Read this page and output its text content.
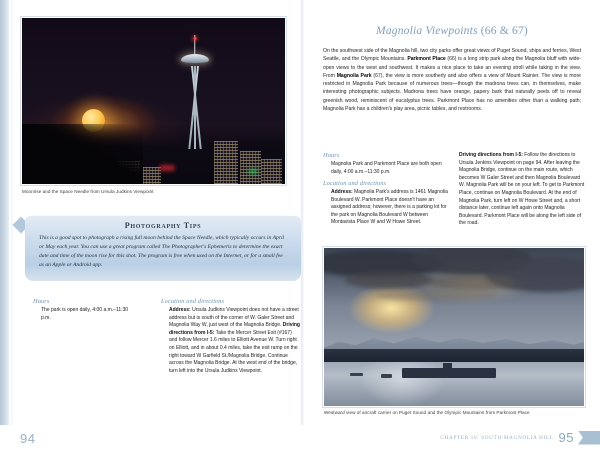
Moonrise and the Space Needle from Ursula Judkins Viewpoint
Photography Tips
This is a good spot to photograph a rising full moon behind the Space Needle, which typically occurs in April or May each year. You can use a great program called The Photographer's Ephemeris to determine the exact date and time of the moon rise for this shot. The program is free when used on the Internet, or for a small fee as an Apple or Android app.
Hours
The park is open daily, 4:00 a.m.–11:30 p.m.
Location and directions
Address: Ursula Judkins Viewpoint does not have a street address but is south of the corner of W. Galer Street and Magnolia Way W, just west of the Magnolia Bridge. Driving directions from I-5: Take the Mercer Street Exit (#167) and follow Mercer 1.6 miles to Elliott Avenue W. Turn right on Elliott, and in about 0.4 miles, take the exit ramp on the right toward W Garfield St./Magnolia Bridge. Continue across the Magnolia Bridge. At the west end of the bridge, turn left into the Ursula Judkins Viewpoint.
Magnolia Viewpoints (66 & 67)
On the southwest side of the Magnolia hill, two city parks offer great views of Puget Sound, ships and ferries, West Seattle, and the Olympic Mountains. Parkmont Place (66) is a long strip park along the Magnolia bluff with wide-open views to the west and southwest. It makes a nice place to take an evening stroll while taking in the view. From Magnolia Park (67), the view is more southerly and also offers a view of Mount Rainier. The view is more restricted in Magnolia Park because of numerous trees—though the madrona trees can, in themselves, make interesting photographic subjects. Madrona trees have orange, papery bark that naturally peels off to reveal greenish wood, reminiscent of eucalyptus trees. Parkmont Place has no amenities other than a walking path; Magnolia Park has a children's play area, picnic tables, and restrooms.
Hours
Magnolia Park and Parkmont Place are both open daily, 4:00 a.m.–11:30 p.m.
Location and directions
Address: Magnolia Park's address is 1461 Magnolia Boulevard W. Parkmont Place doesn't have an assigned address; however, there is a parking lot for the park on Magnolia Boulevard W between Montavista Place W and W Howe Street.
Driving directions from I-5: Follow the directions to Ursula Jenkins Viewpoint on page 94. After leaving the Magnolia Bridge, continue on the main route, which becomes W Galer Street and then Magnolia Boulevard W. Magnolia Park will be on your left. To get to Parkmont Place, continue on Magnolia Boulevard. At the end of Magnolia Park, turn left on W Howe Street and, a short distance later, continue left again onto Magnolia Boulevard. Parkmont Place will be along the left side of the road.
Westward view of aircraft carrier on Puget Sound and the Olympic Mountains from Parkmont Place
94	CHAPTER 10: SOUTH MAGNOLIA HILL 95
